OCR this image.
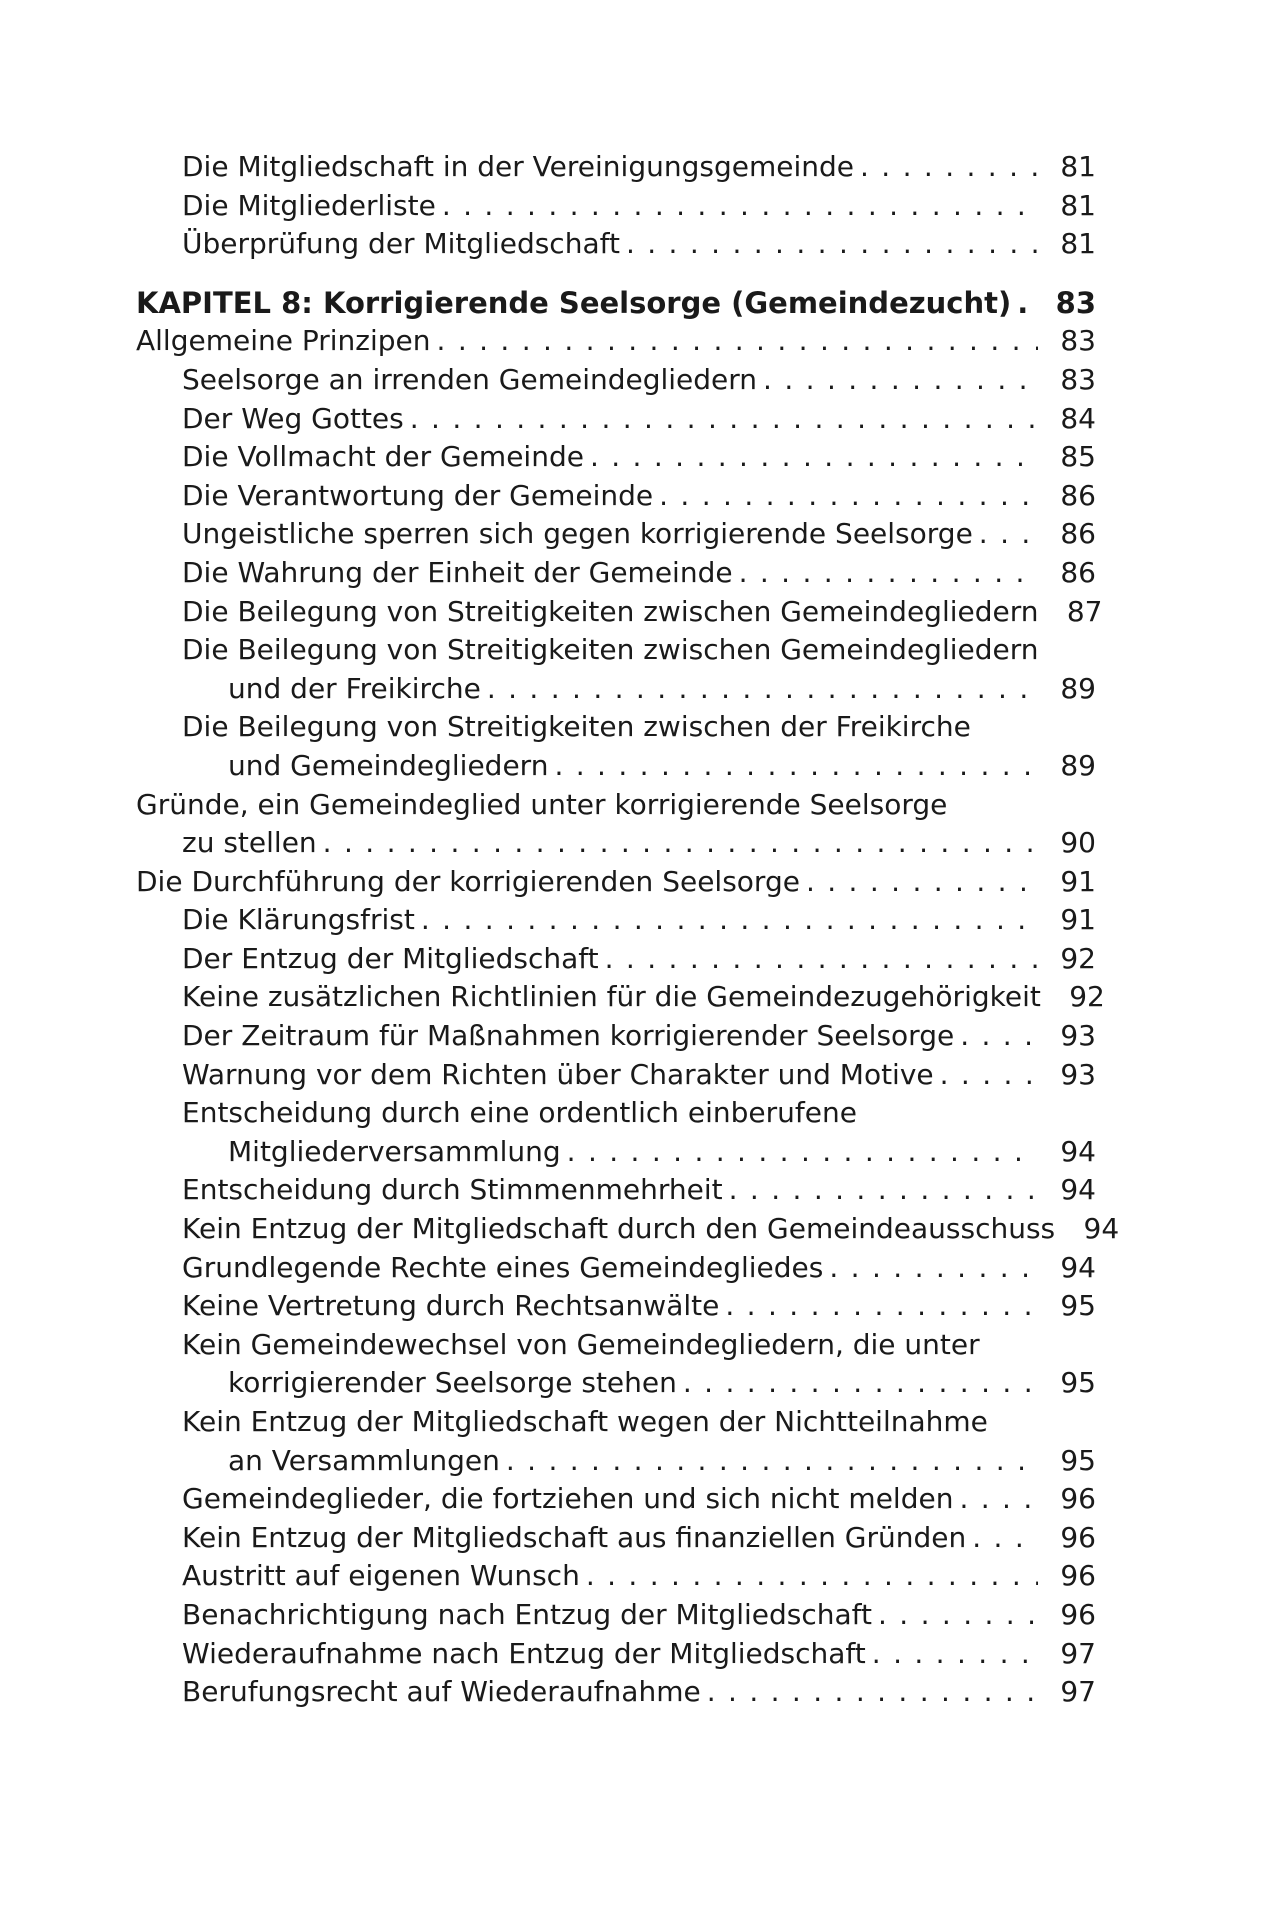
Die Mitgliedschaft in der Vereinigungsgemeinde . . .	81
Die Mitgliederliste . . .	81
Überprüfung der Mitgliedschaft . . .	81
KAPITEL 8: Korrigierende Seelsorge (Gemeindezucht) . . .	83
Allgemeine Prinzipen . . .	83
Seelsorge an irrenden Gemeindegliedern . . .	83
Der Weg Gottes . . .	84
Die Vollmacht der Gemeinde . . .	85
Die Verantwortung der Gemeinde . . .	86
Ungeistliche sperren sich gegen korrigierende Seelsorge . . .	86
Die Wahrung der Einheit der Gemeinde . . .	86
Die Beilegung von Streitigkeiten zwischen Gemeindegliedern	87
Die Beilegung von Streitigkeiten zwischen Gemeindegliedern
und der Freikirche . . .	89
Die Beilegung von Streitigkeiten zwischen der Freikirche
und Gemeindegliedern . . .	89
Gründe, ein Gemeindeglied unter korrigierende Seelsorge
zu stellen . . .	90
Die Durchführung der korrigierenden Seelsorge . . .	91
Die Klärungsfrist . . .	91
Der Entzug der Mitgliedschaft . . .	92
Keine zusätzlichen Richtlinien für die Gemeindezugehörigkeit	92
Der Zeitraum für Maßnahmen korrigierender Seelsorge . . .	93
Warnung vor dem Richten über Charakter und Motive . . .	93
Entscheidung durch eine ordentlich einberufene
Mitgliederversammlung . . .	94
Entscheidung durch Stimmenmehrheit . . .	94
Kein Entzug der Mitgliedschaft durch den Gemeindeausschuss	94
Grundlegende Rechte eines Gemeindegliedes . . .	94
Keine Vertretung durch Rechtsanwälte . . .	95
Kein Gemeindewechsel von Gemeindegliedern, die unter
korrigierender Seelsorge stehen . . .	95
Kein Entzug der Mitgliedschaft wegen der Nichtteilnahme
an Versammlungen . . .	95
Gemeindeglieder, die fortziehen und sich nicht melden . . .	96
Kein Entzug der Mitgliedschaft aus finanziellen Gründen . . .	96
Austritt auf eigenen Wunsch . . .	96
Benachrichtigung nach Entzug der Mitgliedschaft . . .	96
Wiederaufnahme nach Entzug der Mitgliedschaft . . .	97
Berufungsrecht auf Wiederaufnahme . . .	97
